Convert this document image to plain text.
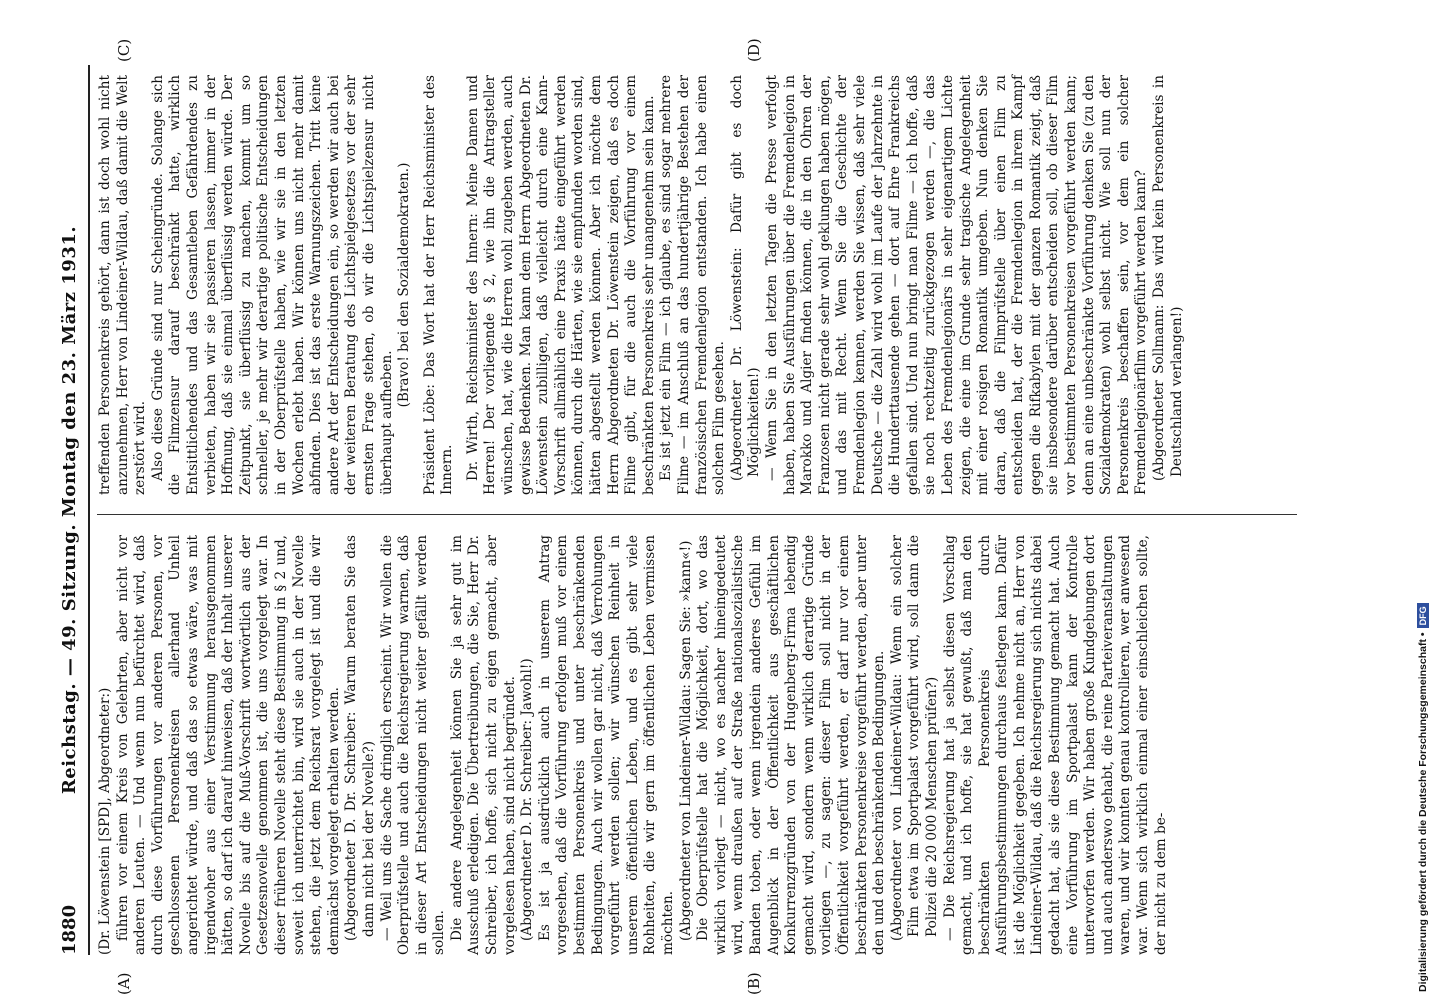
1880
Reichstag. — 49. Sitzung. Montag den 23. März 1931.

(Dr. Löwenstein [SPD], Abgeordneter:) führen vor einem Kreis von Gelehrten, aber nicht vor anderen Leuten. — Und wenn nun befürchtet wird, daß durch diese Vorführungen vor anderen Personen, vor geschlossenen Personenkreisen allerhand Unheil angerichtet würde, und daß das so etwas wäre, was mit irgendwoher aus einer Verstimmung herausgenommen hätten, so darf ich darauf hinweisen, daß der Inhalt unserer Novelle bis auf die Muß-Vorschrift wortwörtlich aus der Gesetzesnovelle genommen ist, die uns vorgelegt war. In dieser früheren Novelle steht diese Bestimmung in § 2 und, soweit ich unterrichtet bin, wird sie auch in der Novelle stehen, die jetzt dem Reichsrat vorgelegt ist und die wir demnächst vorgelegt erhalten werden. (Abgeordneter D. Dr. Schreiber: Warum beraten Sie das dann nicht bei der Novelle?) — Weil uns die Sache dringlich erscheint. Wir wollen die Oberprüfstelle und auch die Reichsregierung warnen, daß in dieser Art Entscheidungen nicht weiter gefällt werden sollen. Die andere Angelegenheit können Sie ja sehr gut im Ausschuß erledigen. Die Übertreibungen, die Sie, Herr Dr. Schreiber, ich hoffe, sich nicht zu eigen gemacht, aber vorgelesen haben, sind nicht begründet. (Abgeordneter D. Dr. Schreiber: Jawohl!) Es ist ja ausdrücklich auch in unserem Antrag vorgesehen, daß die Vorführung erfolgen muß vor einem bestimmten Personenkreis und unter beschränkenden Bedingungen. Auch wir wollen gar nicht, daß Verrohungen vorgeführt werden sollen; wir wünschen Reinheit in unserem öffentlichen Leben, und es gibt sehr viele Rohheiten, die wir gern im öffentlichen Leben vermissen möchten. (Abgeordneter von Lindeiner-Wildau: Sagen Sie: »kann«!) Die Oberprüfstelle hat die Möglichkeit, dort, wo das wirklich vorliegt — nicht, wo es nachher hineingedeutet wird, wenn draußen auf der Straße nationalsozialistische Banden toben, oder wenn irgendein anderes Gefühl im Augenblick in der Öffentlichkeit aus geschäftlichen Konkurrenzgründen von der Hugenberg-Firma lebendig gemacht wird, sondern wenn wirklich derartige Gründe vorliegen —, zu sagen: dieser Film soll nicht in der Öffentlichkeit vorgeführt werden, er darf nur vor einem beschränkten Personenkreise vorgeführt werden, aber unter den und den beschränkenden Bedingungen. (Abgeordneter von Lindeiner-Wildau: Wenn ein solcher Film etwa im Sportpalast vorgeführt wird, soll dann die Polizei die 20 000 Menschen prüfen?) — Die Reichsregierung hat ja selbst diesen Vorschlag gemacht, und ich hoffe, sie hat gewußt, daß man den beschränkten Personenkreis durch Ausführungsbestimmungen durchaus festlegen kann. Dafür ist die Möglichkeit gegeben. Ich nehme nicht an, Herr von Lindeiner-Wildau, daß die Reichsregierung sich nichts dabei gedacht hat, als sie diese Bestimmung gemacht hat. Auch eine Vorführung im Sportpalast kann der Kontrolle unterworfen werden. Wir haben große Kundgebungen dort und auch anderswo gehabt, die reine Parteiveranstaltungen waren, und wir konnten genau kontrollieren, wer anwesend war. Wenn sich wirklich einmal einer einschleichen sollte, der nicht zu dem be-

treffenden Personenkreis gehört, dann ist doch wohl nicht anzunehmen, Herr von Lindeiner-Wildau, daß damit die Welt zerstört wird. Also diese Gründe sind nur Scheingründe. Solange sich die Filmzensur darauf beschränkt hatte, wirklich Entsittlichendes und das Gesamtleben Gefährdendes zu verbieten, haben wir sie passieren lassen, immer in der Hoffnung, daß sie einmal überflüssig werden würde. Der Zeitpunkt, sie überflüssig zu machen, kommt um so schneller, je mehr wir derartige politische Entscheidungen in der Oberprüfstelle haben, wie wir sie in den letzten Wochen erlebt haben. Wir können uns nicht mehr damit abfinden. Dies ist das erste Warnungszeichen. Tritt keine andere Art der Entscheidungen ein, so werden wir auch bei der weiteren Beratung des Lichtspielgesetzes vor der sehr ernsten Frage stehen, ob wir die Lichtspielzensur nicht überhaupt aufheben.

(Bravo! bei den Sozialdemokraten.) Präsident Löbe: Das Wort hat der Herr Reichsminister des Innern. Dr. Wirth, Reichsminister des Innern: Meine Damen und Herren! Der vorliegende § 2, wie ihn die Antragsteller wünschen, hat, wie die Herren wohl zugeben werden, auch gewisse Bedenken. Man kann dem Herrn Abgeordneten Dr. Löwenstein zubilligen, daß vielleicht durch eine Kann-Vorschrift allmählich eine Praxis hätte eingeführt werden können, durch die Härten, wie sie empfunden worden sind, hätten abgestellt werden können. Aber ich möchte dem Herrn Abgeordneten Dr. Löwenstein zeigen, daß es doch Filme gibt, für die auch die Vorführung vor einem beschränkten Personenkreis sehr unangenehm sein kann. Es ist jetzt ein Film — ich glaube, es sind sogar mehrere Filme — im Anschluß an das hundertjährige Bestehen der französischen Fremdenlegion entstanden. Ich habe einen solchen Film gesehen. (Abgeordneter Dr. Löwenstein: Dafür gibt es doch Möglichkeiten!) — Wenn Sie in den letzten Tagen die Presse verfolgt haben, haben Sie Ausführungen über die Fremdenlegion in Marokko und Algier finden können, die in den Ohren der Franzosen nicht gerade sehr wohl geklungen haben mögen, und das mit Recht. Wenn Sie die Geschichte der Fremdenlegion kennen, werden Sie wissen, daß sehr viele Deutsche — die Zahl wird wohl im Laufe der Jahrzehnte in die Hunderttausende gehen — dort auf Ehre Frankreichs gefallen sind. Und nun bringt man Filme — ich hoffe, daß sie noch rechtzeitig zurückgezogen werden —, die das Leben des Fremdenlegionärs in sehr eigenartigem Lichte zeigen, die eine im Grunde sehr tragische Angelegenheit mit einer rosigen Romantik umgeben. Nun denken Sie daran, daß die Filmprüfstelle über einen Film zu entscheiden hat, der die Fremdenlegion in ihrem Kampf gegen die Rifkabylen mit der ganzen Romantik zeigt, daß sie insbesondere darüber entscheiden soll, ob dieser Film vor bestimmten Personenkreisen vorgeführt werden kann; denn an eine unbeschränkte Vorführung denken Sie (zu den Sozialdemokraten) wohl selbst nicht. Wie soll nun der Personenkreis beschaffen sein, vor dem ein solcher Fremdenlegionärfilm vorgeführt werden kann? (Abgeordneter Sollmann: Das wird kein Personenkreis in Deutschland verlangen!)

(A)	(B)
(C)	(D)
Digitalisierung gefördert durch die Deutsche Forschungsgemeinschaft •DFG
